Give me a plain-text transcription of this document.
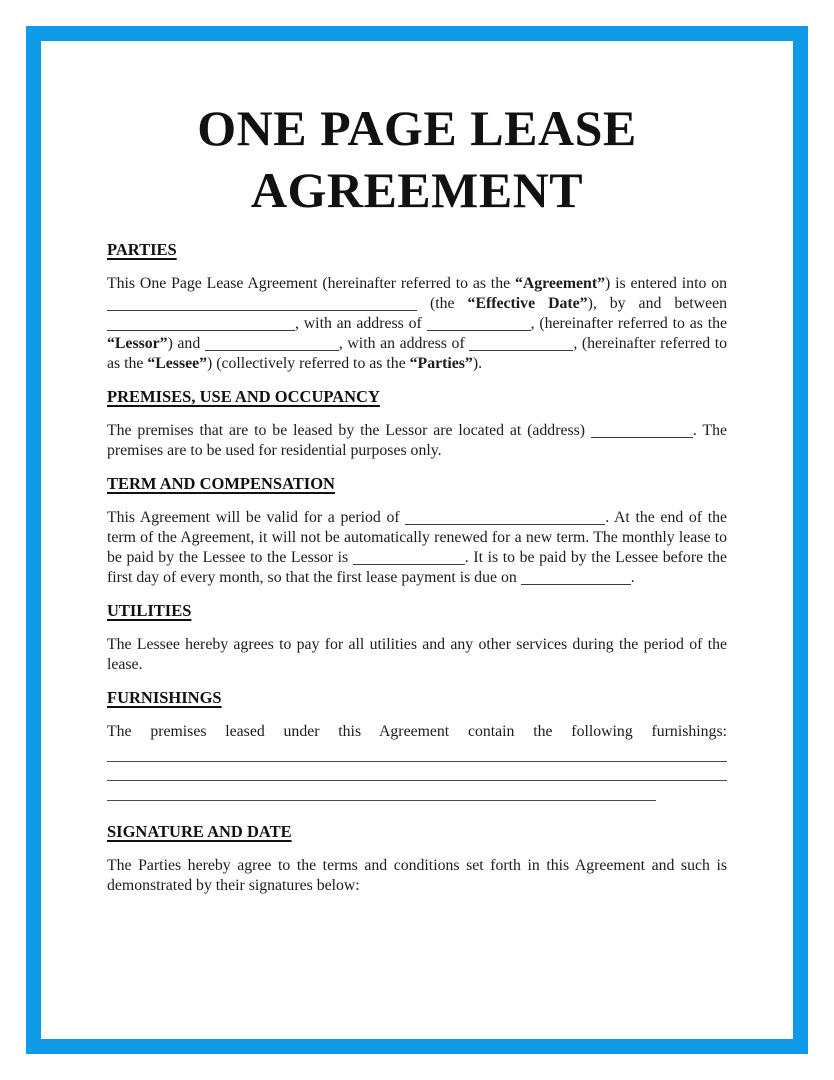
ONE PAGE LEASE AGREEMENT
PARTIES

This One Page Lease Agreement (hereinafter referred to as the “Agreement”) is entered into on  (the “Effective Date”), by and between , with an address of	, (hereinafter referred to as the “Lessor”) and	, with an address of	, (hereinafter referred to as the “Lessee”) (collectively referred to as the “Parties”).

PREMISES, USE AND OCCUPANCY

The premises that are to be leased by the Lessor are located at (address)	. The premises are to be used for residential purposes only.

TERM AND COMPENSATION

This Agreement will be valid for a period of	. At the end of the term of the Agreement, it will not be automatically renewed for a new term. The monthly lease to be paid by the Lessee to the Lessor is	. It is to be paid by the Lessee before the first day of every month, so that the first lease payment is due on	.

UTILITIES

The Lessee hereby agrees to pay for all utilities and any other services during the period of the lease.

FURNISHINGS

The premises leased under this Agreement contain the following furnishings:

SIGNATURE AND DATE

The Parties hereby agree to the terms and conditions set forth in this Agreement and such is demonstrated by their signatures below:
